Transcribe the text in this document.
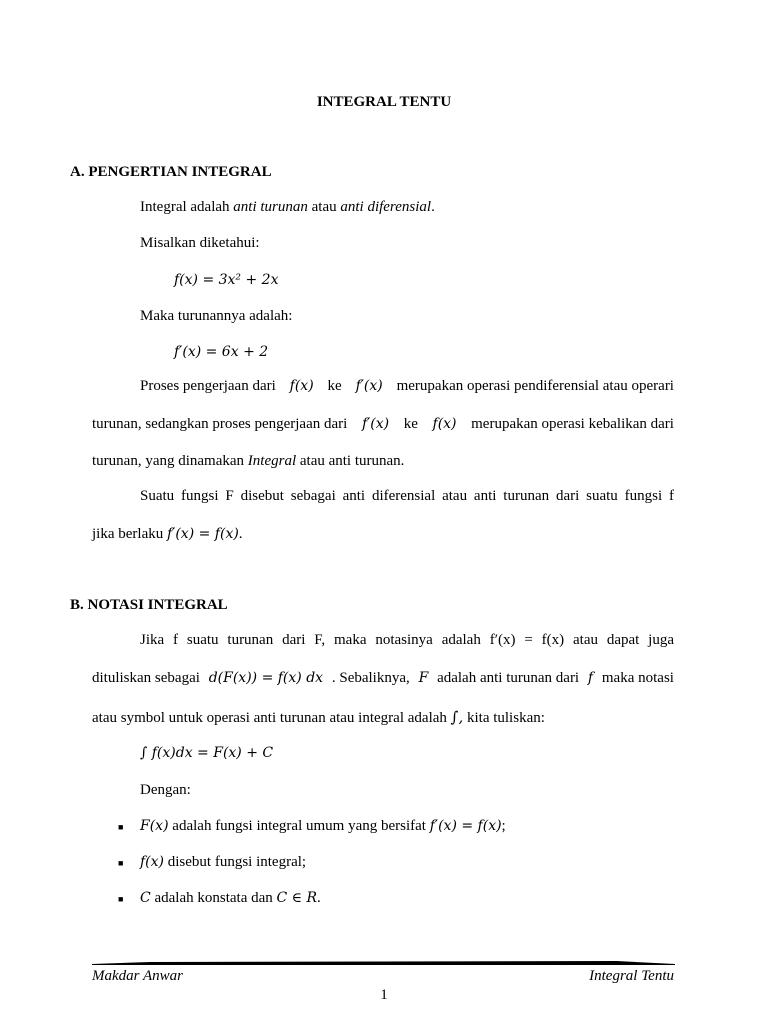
INTEGRAL TENTU
A. PENGERTIAN INTEGRAL
Integral adalah anti turunan atau anti diferensial.
Misalkan diketahui:
f(x) = 3x² + 2x
Maka turunannya adalah:
f′(x) = 6x + 2
Proses pengerjaan dari f(x) ke f′(x) merupakan operasi pendiferensial atau operari
turunan, sedangkan proses pengerjaan dari f′(x) ke f(x) merupakan operasi kebalikan dari
turunan, yang dinamakan Integral atau anti turunan.
Suatu fungsi F disebut sebagai anti diferensial atau anti turunan dari suatu fungsi f
jika berlaku f′(x) = f(x).
B. NOTASI INTEGRAL
Jika f suatu turunan dari F, maka notasinya adalah f′(x) = f(x) atau dapat juga
dituliskan sebagai d(F(x)) = f(x) dx . Sebaliknya, F adalah anti turunan dari f maka notasi
atau symbol untuk operasi anti turunan atau integral adalah ∫, kita tuliskan:
∫ f(x)dx = F(x) + C
Dengan:
■ F(x) adalah fungsi integral umum yang bersifat f′(x) = f(x);
■ f(x) disebut fungsi integral;
■ C adalah konstata dan C ∈ R.
Makdar Anwar	Integral Tentu
1
